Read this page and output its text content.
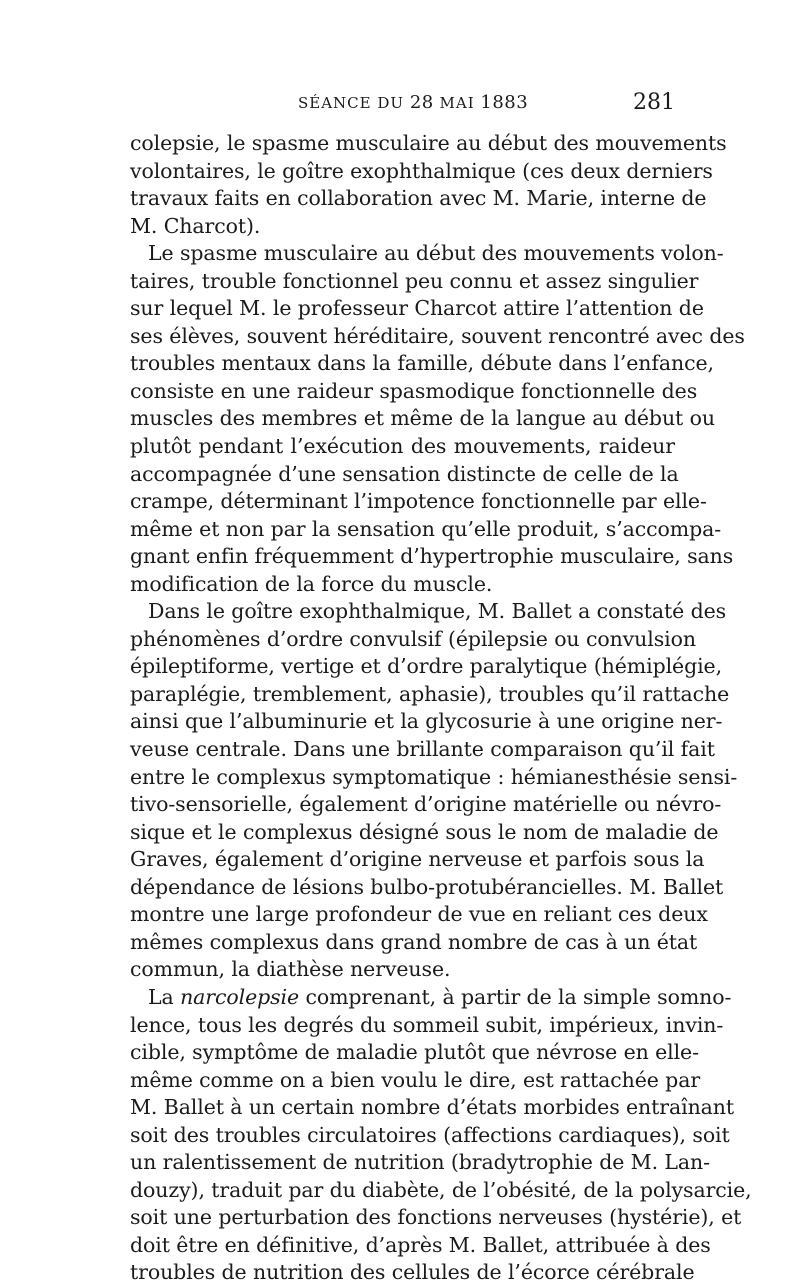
SÉANCE DU 28 MAI 1883	281
colepsie, le spasme musculaire au début des mouvements
volontaires, le goître exophthalmique (ces deux derniers
travaux faits en collaboration avec M. Marie, interne de
M. Charcot).
Le spasme musculaire au début des mouvements volon-
taires, trouble fonctionnel peu connu et assez singulier
sur lequel M. le professeur Charcot attire l’attention de
ses élèves, souvent héréditaire, souvent rencontré avec des
troubles mentaux dans la famille, débute dans l’enfance,
consiste en une raideur spasmodique fonctionnelle des
muscles des membres et même de la langue au début ou
plutôt pendant l’exécution des mouvements, raideur
accompagnée d’une sensation distincte de celle de la
crampe, déterminant l’impotence fonctionnelle par elle-
même et non par la sensation qu’elle produit, s’accompa-
gnant enfin fréquemment d’hypertrophie musculaire, sans
modification de la force du muscle.
Dans le goître exophthalmique, M. Ballet a constaté des
phénomènes d’ordre convulsif (épilepsie ou convulsion
épileptiforme, vertige et d’ordre paralytique (hémiplégie,
paraplégie, tremblement, aphasie), troubles qu’il rattache
ainsi que l’albuminurie et la glycosurie à une origine ner-
veuse centrale. Dans une brillante comparaison qu’il fait
entre le complexus symptomatique : hémianesthésie sensi-
tivo-sensorielle, également d’origine matérielle ou névro-
sique et le complexus désigné sous le nom de maladie de
Graves, également d’origine nerveuse et parfois sous la
dépendance de lésions bulbo-protubérancielles. M. Ballet
montre une large profondeur de vue en reliant ces deux
mêmes complexus dans grand nombre de cas à un état
commun, la diathèse nerveuse.
La narcolepsie comprenant, à partir de la simple somno-
lence, tous les degrés du sommeil subit, impérieux, invin-
cible, symptôme de maladie plutôt que névrose en elle-
même comme on a bien voulu le dire, est rattachée par
M. Ballet à un certain nombre d’états morbides entraînant
soit des troubles circulatoires (affections cardiaques), soit
un ralentissement de nutrition (bradytrophie de M. Lan-
douzy), traduit par du diabète, de l’obésité, de la polysarcie,
soit une perturbation des fonctions nerveuses (hystérie), et
doit être en définitive, d’après M. Ballet, attribuée à des
troubles de nutrition des cellules de l’écorce cérébrale
